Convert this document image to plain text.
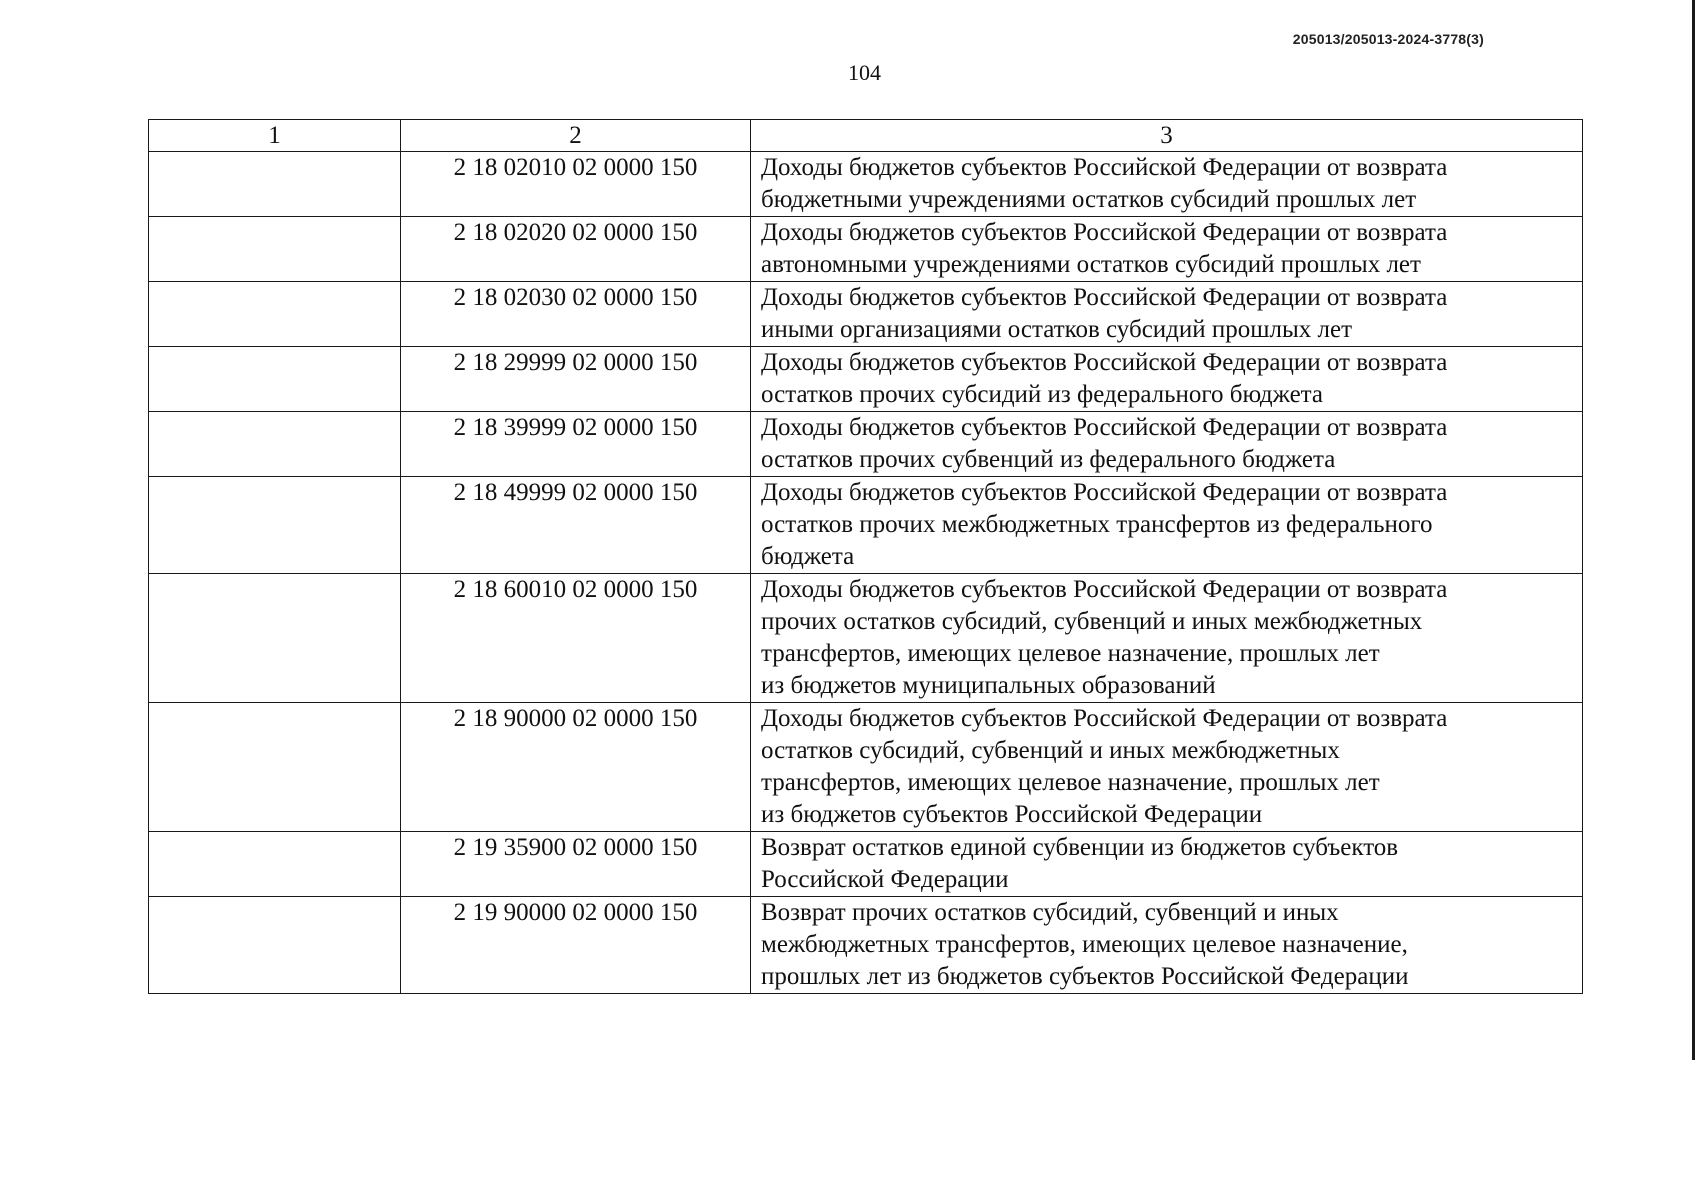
205013/205013-2024-3778(3)
104
1	2	3
	2 18 02010 02 0000 150	Доходы бюджетов субъектов Российской Федерации от возврата
бюджетными учреждениями остатков субсидий прошлых лет

	2 18 02020 02 0000 150	Доходы бюджетов субъектов Российской Федерации от возврата
автономными учреждениями остатков субсидий прошлых лет

	2 18 02030 02 0000 150	Доходы бюджетов субъектов Российской Федерации от возврата
иными организациями остатков субсидий прошлых лет

	2 18 29999 02 0000 150	Доходы бюджетов субъектов Российской Федерации от возврата
остатков прочих субсидий из федерального бюджета

	2 18 39999 02 0000 150	Доходы бюджетов субъектов Российской Федерации от возврата
остатков прочих субвенций из федерального бюджета

	2 18 49999 02 0000 150	Доходы бюджетов субъектов Российской Федерации от возврата
остатков прочих межбюджетных трансфертов из федерального
бюджета

	2 18 60010 02 0000 150	Доходы бюджетов субъектов Российской Федерации от возврата
прочих остатков субсидий, субвенций и иных межбюджетных
трансфертов, имеющих целевое назначение, прошлых лет
из бюджетов муниципальных образований

	2 18 90000 02 0000 150	Доходы бюджетов субъектов Российской Федерации от возврата
остатков субсидий, субвенций и иных межбюджетных
трансфертов, имеющих целевое назначение, прошлых лет
из бюджетов субъектов Российской Федерации

	2 19 35900 02 0000 150	Возврат остатков единой субвенции из бюджетов субъектов
Российской Федерации

	2 19 90000 02 0000 150	Возврат прочих остатков субсидий, субвенций и иных
межбюджетных трансфертов, имеющих целевое назначение,
прошлых лет из бюджетов субъектов Российской Федерации
